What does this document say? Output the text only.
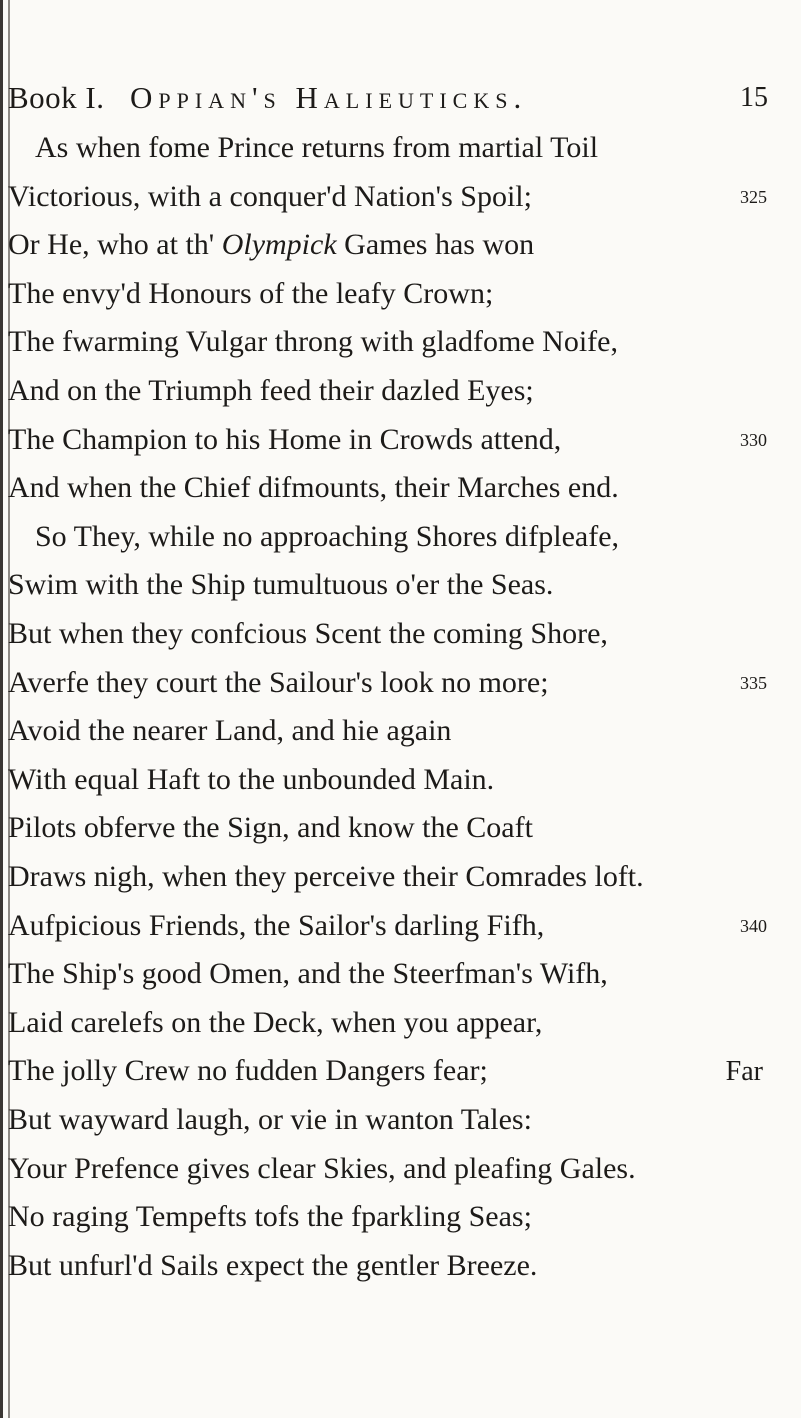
Book I. Oppian's Halieuticks.	15
As when fome Prince returns from martial Toil
Victorious, with a conquer'd Nation's Spoil;	325
Or He, who at th' Olympick Games has won
The envy'd Honours of the leafy Crown;
The fwarming Vulgar throng with gladfome Noife,
And on the Triumph feed their dazled Eyes;
The Champion to his Home in Crowds attend,	330
And when the Chief difmounts, their Marches end.
So They, while no approaching Shores difpleafe,
Swim with the Ship tumultuous o'er the Seas.
But when they confcious Scent the coming Shore,
Averfe they court the Sailour's look no more;	335
Avoid the nearer Land, and hie again
With equal Haft to the unbounded Main.
Pilots obferve the Sign, and know the Coaft
Draws nigh, when they perceive their Comrades loft.
Aufpicious Friends, the Sailor's darling Fifh,	340
The Ship's good Omen, and the Steerfman's Wifh,
Laid carelefs on the Deck, when you appear,
The jolly Crew no fudden Dangers fear;
But wayward laugh, or vie in wanton Tales:
Your Prefence gives clear Skies, and pleafing Gales.
No raging Tempefts tofs the fparkling Seas;
But unfurl'd Sails expect the gentler Breeze.
Far
